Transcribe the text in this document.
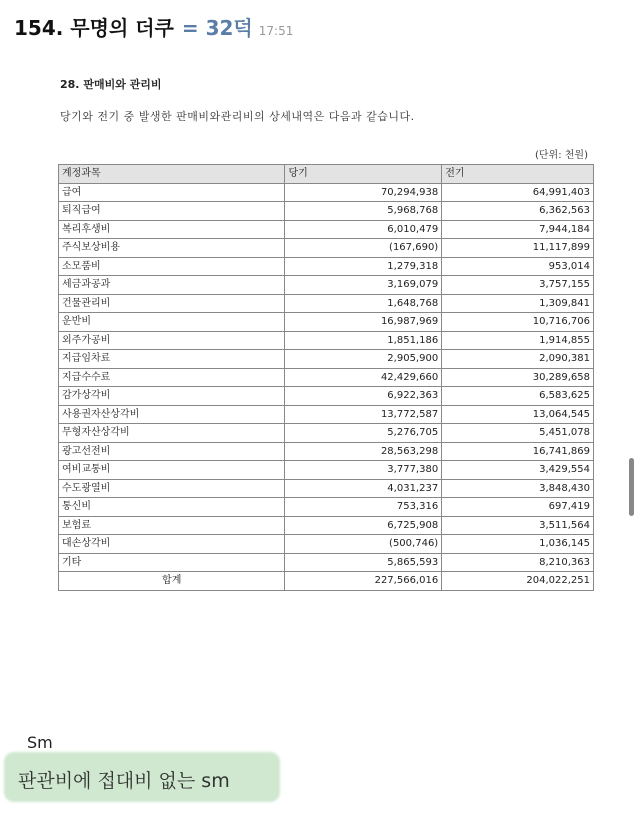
154. 무명의 더쿠 = 32덕 17:51
28. 판매비와 관리비
당기와 전기 중 발생한 판매비와관리비의 상세내역은 다음과 같습니다.
(단위: 천원)
계정과목	당기	전기
급여	70,294,938	64,991,403
퇴직급여	5,968,768	6,362,563
복리후생비	6,010,479	7,944,184
주식보상비용	(167,690)	11,117,899
소모품비	1,279,318	953,014
세금과공과	3,169,079	3,757,155
건물관리비	1,648,768	1,309,841
운반비	16,987,969	10,716,706
외주가공비	1,851,186	1,914,855
지급임차료	2,905,900	2,090,381
지급수수료	42,429,660	30,289,658
감가상각비	6,922,363	6,583,625
사용권자산상각비	13,772,587	13,064,545
무형자산상각비	5,276,705	5,451,078
광고선전비	28,563,298	16,741,869
여비교통비	3,777,380	3,429,554
수도광열비	4,031,237	3,848,430
통신비	753,316	697,419
보험료	6,725,908	3,511,564
대손상각비	(500,746)	1,036,145
기타	5,865,593	8,210,363
합계	227,566,016	204,022,251
Sm
판관비에 접대비 없는 sm
